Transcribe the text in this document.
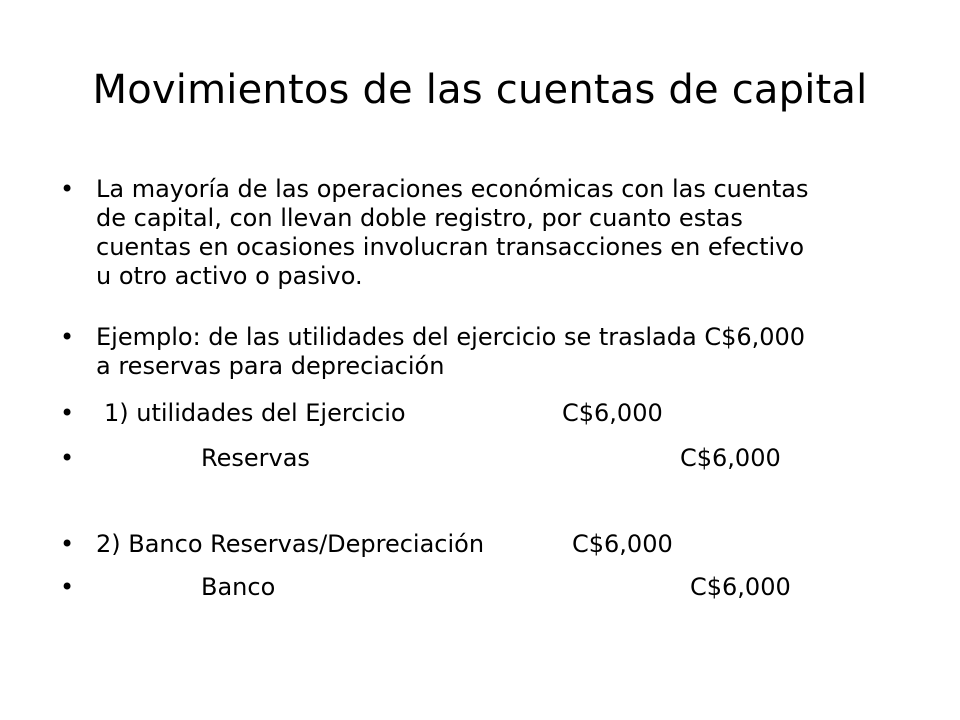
Movimientos de las cuentas de capital
• La mayoría de las operaciones económicas con las cuentas de capital, con llevan doble registro, por cuanto estas cuentas en ocasiones involucran transacciones en efectivo u otro activo o pasivo.
• Ejemplo: de las utilidades del ejercicio se traslada C$6,000 a reservas para depreciación
•	1) utilidades del Ejercicio	C$6,000
•	Reservas	C$6,000
• 2) Banco Reservas/Depreciación	C$6,000
•	Banco	C$6,000
